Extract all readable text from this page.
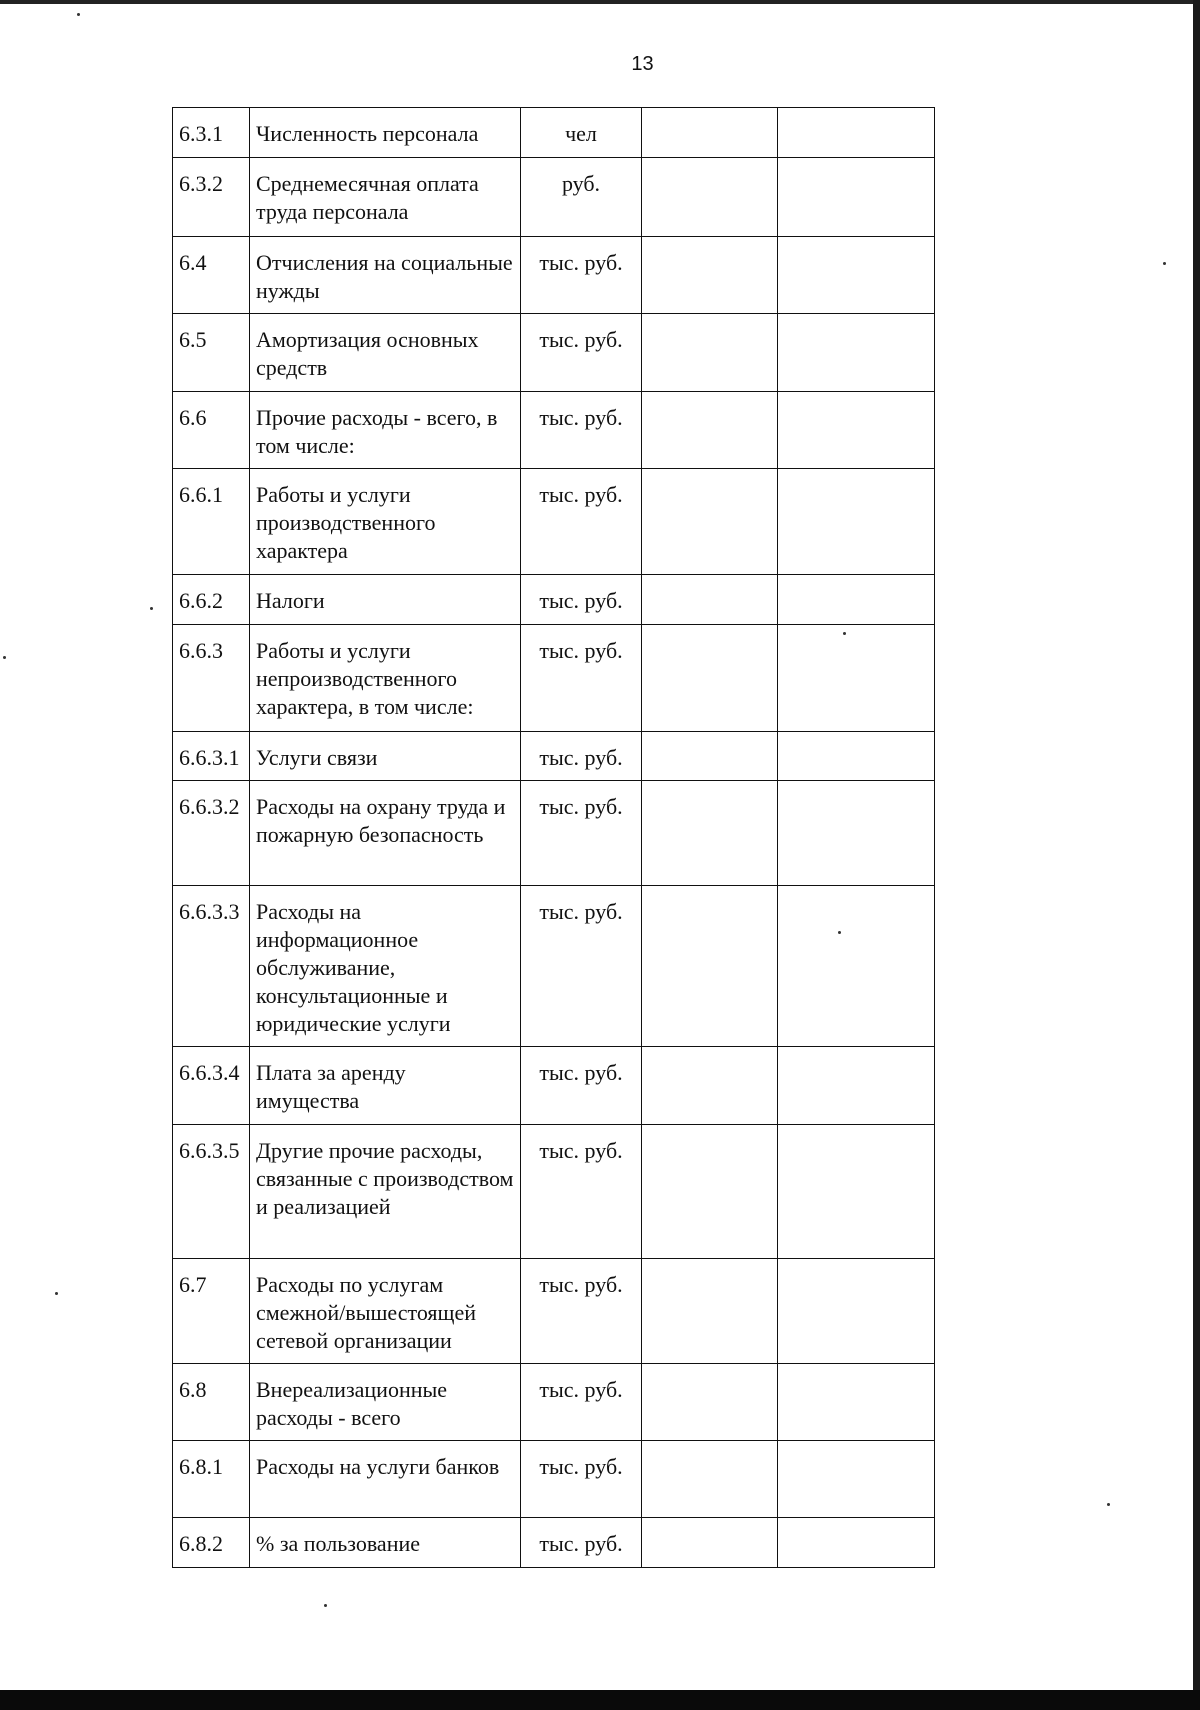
13
6.3.1	Численность персонала	чел		
6.3.2	Среднемесячная оплата труда персонала	руб.		
6.4	Отчисления на социальные нужды	тыс. руб.		
6.5	Амортизация основных средств	тыс. руб.		
6.6	Прочие расходы - всего, в том числе:	тыс. руб.		
6.6.1	Работы и услуги производственного характера	тыс. руб.		
6.6.2	Налоги	тыс. руб.		
6.6.3	Работы и услуги непроизводственного характера, в том числе:	тыс. руб.		
6.6.3.1	Услуги связи	тыс. руб.		
6.6.3.2	Расходы на охрану труда и пожарную безопасность	тыс. руб.		
6.6.3.3	Расходы на информационное обслуживание, консультационные и юридические услуги	тыс. руб.		
6.6.3.4	Плата за аренду имущества	тыс. руб.		
6.6.3.5	Другие прочие расходы, связанные с производством и реализацией	тыс. руб.		
6.7	Расходы по услугам смежной/вышестоящей сетевой организации	тыс. руб.		
6.8	Внереализационные расходы - всего	тыс. руб.		
6.8.1	Расходы на услуги банков	тыс. руб.		
6.8.2	% за пользование	тыс. руб.		
